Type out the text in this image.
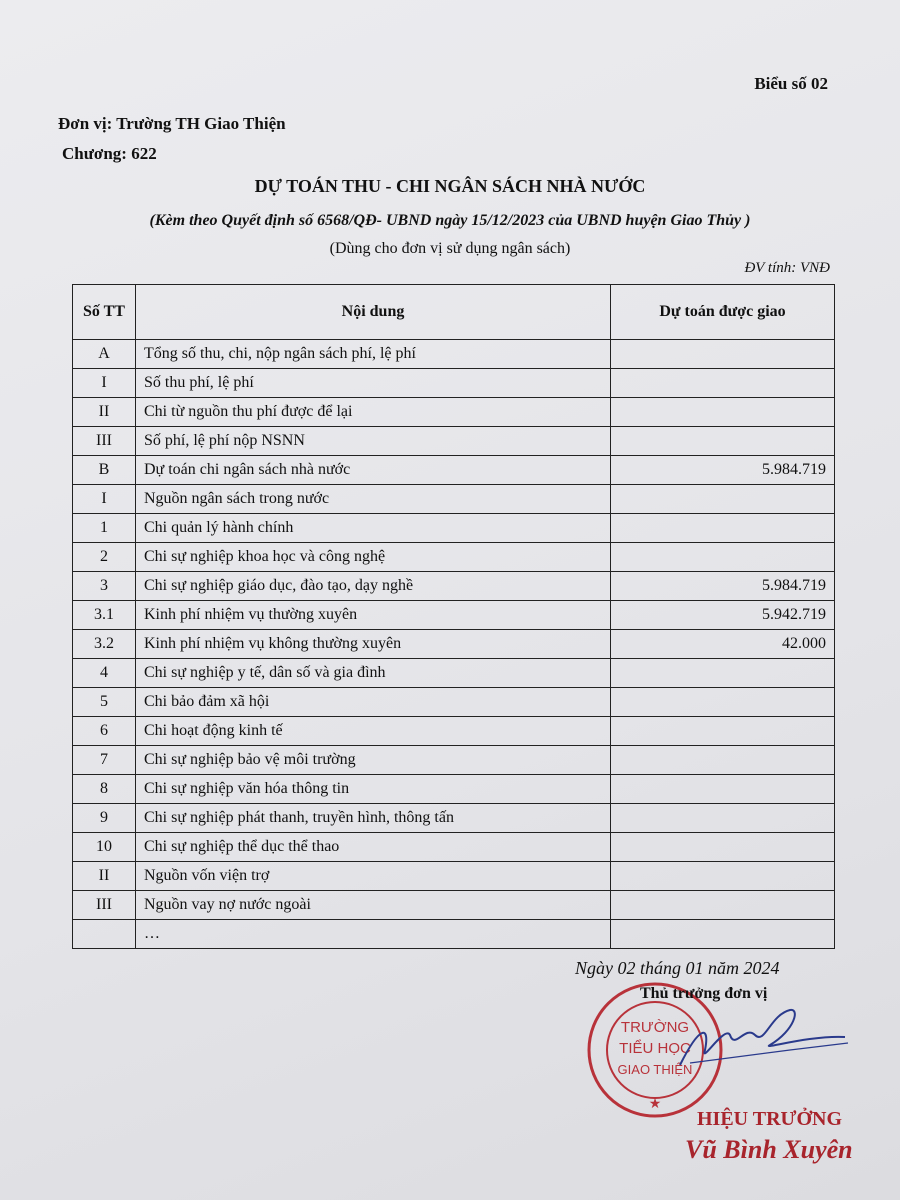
Biểu số 02
Đơn vị: Trường TH Giao Thiện
Chương: 622
DỰ TOÁN THU - CHI NGÂN SÁCH NHÀ NƯỚC
(Kèm theo Quyết định số 6568/QĐ- UBND ngày 15/12/2023 của UBND huyện Giao Thủy )
(Dùng cho đơn vị sử dụng ngân sách)
ĐV tính: VNĐ
Số TT	Nội dung	Dự toán được giao
A	Tổng số thu, chi, nộp ngân sách phí, lệ phí	
I	Số thu phí, lệ phí	
II	Chi từ nguồn thu phí được để lại	
III	Số phí, lệ phí nộp NSNN	
B	Dự toán chi ngân sách nhà nước	5.984.719
I	Nguồn ngân sách trong nước	
1	Chi quản lý hành chính	
2	Chi sự nghiệp khoa học và công nghệ	
3	Chi sự nghiệp giáo dục, đào tạo, dạy nghề	5.984.719
3.1	Kinh phí nhiệm vụ thường xuyên	5.942.719
3.2	Kinh phí nhiệm vụ không thường xuyên	42.000
4	Chi sự nghiệp y tế, dân số và gia đình	
5	Chi bảo đảm xã hội	
6	Chi hoạt động kinh tế	
7	Chi sự nghiệp bảo vệ môi trường	
8	Chi sự nghiệp văn hóa thông tin	
9	Chi sự nghiệp phát thanh, truyền hình, thông tấn	
10	Chi sự nghiệp thể dục thể thao	
II	Nguồn vốn viện trợ	
III	Nguồn vay nợ nước ngoài	
	…	
Ngày 02 tháng 01 năm 2024
TRƯỜNG
TIỂU HỌC
GIAO THIỆN
★
Thủ trưởng đơn vị
HIỆU TRƯỞNG
Vũ Bình Xuyên
